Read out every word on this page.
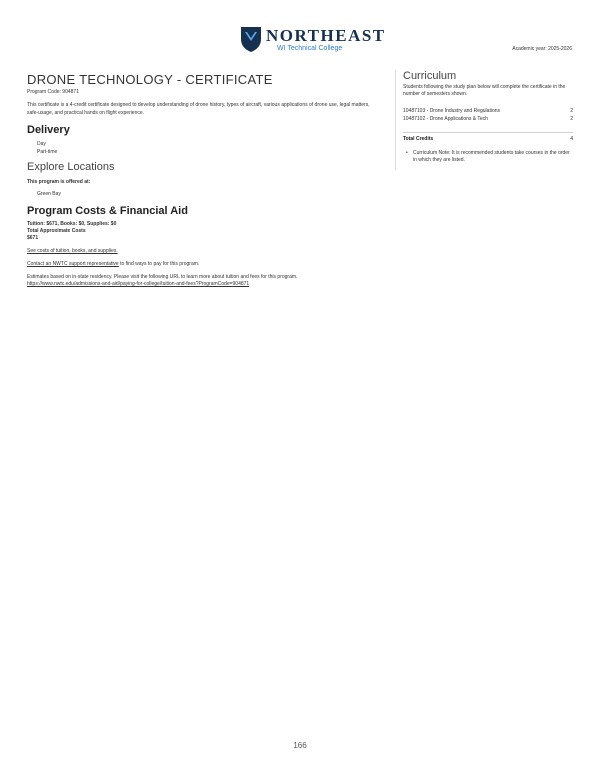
NORTHEAST
WI Technical College	Academic year: 2025-2026
DRONE TECHNOLOGY - CERTIFICATE
Program Code: 904871
This certificate is a 4-credit certificate designed to develop understanding of drone history, types of aircraft, various applications of drone use, legal matters, safe-usage, and practical hands on flight experience.
Delivery
Day
Part-time
Explore Locations
This program is offered at:
Green Bay
Program Costs & Financial Aid
Tuition: $671, Books: $0, Supplies: $0
Total Approximate Costs
$671
See costs of tuition, books, and supplies.
Contact an NWTC support representative to find ways to pay for this program.
Estimates based on in-state residency. Please visit the following URL to learn more about tuition and fees for this program.
https://www.nwtc.edu/admissions-and-aid/paying-for-college/tuition-and-fees?ProgramCode=904871
Curriculum
Students following the study plan below will complete the certificate in the number of semesters shown.
10487103 - Drone Industry and Regulations	2
10487102 - Drone Applications & Tech	2
Total Credits	4
• Curriculum Note: It is recommended students take courses in the order in which they are listed.
166
